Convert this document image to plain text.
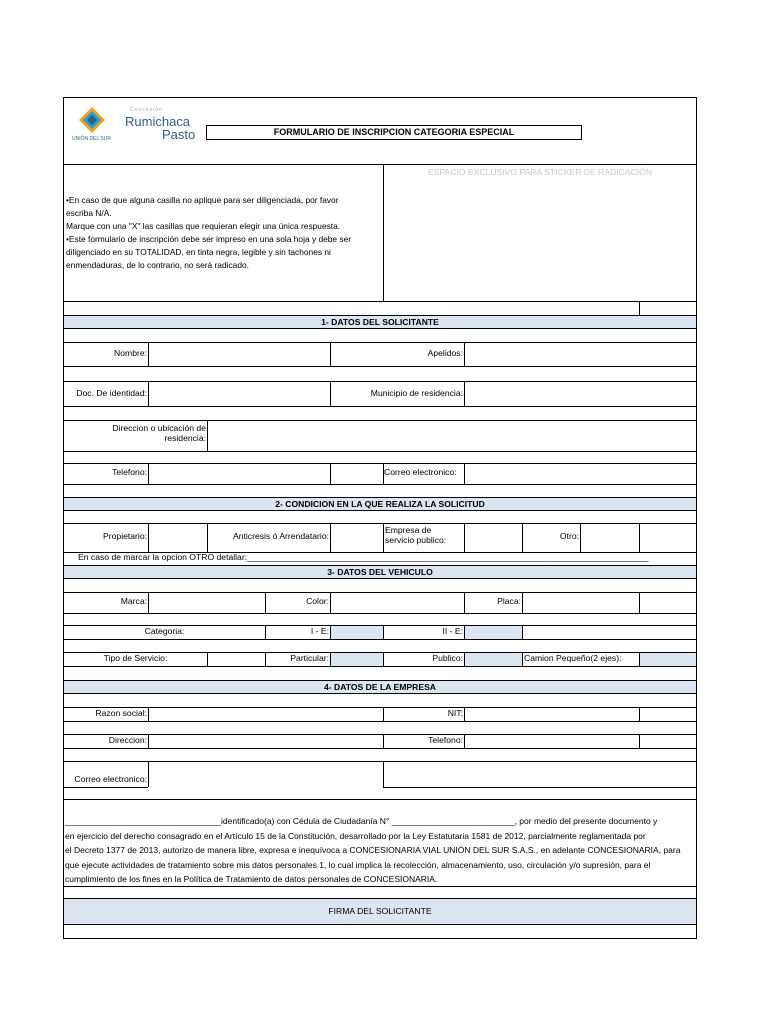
Concesión
Rumichaca
Pasto
UNIÓN DEL SUR
FORMULARIO DE INSCRIPCION CATEGORIA ESPECIAL
ESPACIO EXCLUSIVO PARA STICKER DE RADICACIÓN
•En caso de que alguna casilla no aplique para ser diligenciada, por favor
escriba N/A.
Marque con una "X" las casillas que requieran elegir una única respuesta.
•Este formulario de inscripción debe ser impreso en una sola hoja y debe ser
diligenciado en su TOTALIDAD, en tinta negra, legible y sin tachones ni
enmendaduras, de lo contrario, no será radicado.
1- DATOS DEL SOLICITANTE
Nombre:	Apelidos:
Doc. De identidad:	Municipio de residencia:
Direccion o ubicación de
residencia:
Telefono:	Correo electronico:
2- CONDICION EN LA QUE REALIZA LA SOLICITUD
Propietario:	Anticresis ó Arrendatario:
Empresa de
servicio publico:	Otro:
En caso de marcar la opcion OTRO detallar:____________________________________________________________________________________
3- DATOS DEL VEHICULO
Marca:	Color:	Placa:
Categoria:	I - E:	II - E:
Tipo de Servicio:	Particular:	Publico:	Camion Pequeño(2 ejes):
4- DATOS DE LA EMPRESA
Razon social:	NIT:
Direccion:	Telefono:
Correo electronico:
_________________________________identificado(a) con Cédula de Ciudadanía N° __________________________, por medio del presente documento y
en ejercicio del derecho consagrado en el Artículo 15 de la Constitución, desarrollado por la Ley Estatutaria 1581 de 2012, parcialmente reglamentada por
el Decreto 1377 de 2013, autorizo de manera libre, expresa e inequívoca a CONCESIONARIA VIAL UNIÓN DEL SUR S.A.S., en adelante CONCESIONARIA, para
que ejecute actividades de tratamiento sobre mis datos personales 1, lo cual implica la recolección, almacenamiento, uso, circulación y/o supresión, para el
cumplimiento de los fines en la Política de Tratamiento de datos personales de CONCESIONARIA.
FIRMA DEL SOLICITANTE
